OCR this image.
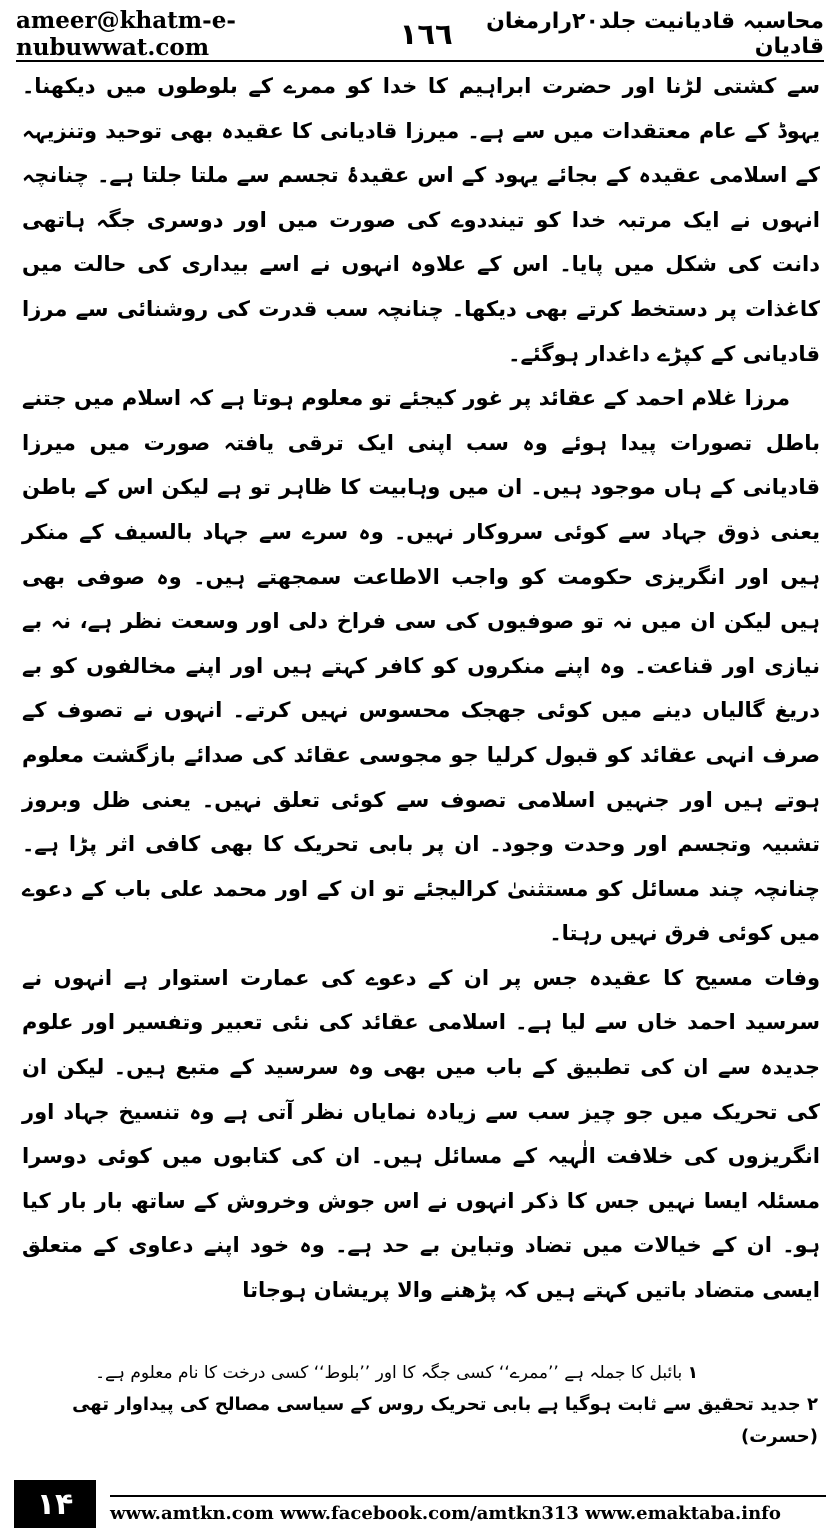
ameer@khatm-e-nubuwwat.com	١٦٦	محاسبہ قادیانیت جلد۲۰رارمغان قادیان

سے کشتی لڑنا اور حضرت ابراہیم کا خدا کو ممرے کے بلوطوں میں دیکھنا۔ یہوڈ کے عام معتقدات میں سے ہے۔ میرزا قادیانی کا عقیدہ بھی توحید وتنزیہہ کے اسلامی عقیدہ کے بجائے یہود کے اس عقیدۂ تجسم سے ملتا جلتا ہے۔ چنانچہ انہوں نے ایک مرتبہ خدا کو تینددوے کی صورت میں اور دوسری جگہ ہاتھی دانت کی شکل میں پایا۔ اس کے علاوہ انہوں نے اسے بیداری کی حالت میں کاغذات پر دستخط کرتے بھی دیکھا۔ چنانچہ سب قدرت کی روشنائی سے مرزا قادیانی کے کپڑے داغدار ہوگئے۔

مرزا غلام احمد کے عقائد پر غور کیجئے تو معلوم ہوتا ہے کہ اسلام میں جتنے باطل تصورات پیدا ہوئے وہ سب اپنی ایک ترقی یافتہ صورت میں میرزا قادیانی کے ہاں موجود ہیں۔ ان میں وہابیت کا ظاہر تو ہے لیکن اس کے باطن یعنی ذوق جہاد سے کوئی سروکار نہیں۔ وہ سرے سے جہاد بالسیف کے منکر ہیں اور انگریزی حکومت کو واجب الاطاعت سمجھتے ہیں۔ وہ صوفی بھی ہیں لیکن ان میں نہ تو صوفیوں کی سی فراخ دلی اور وسعت نظر ہے، نہ بے نیازی اور قناعت۔ وہ اپنے منکروں کو کافر کہتے ہیں اور اپنے مخالفوں کو بے دریغ گالیاں دینے میں کوئی جھجک محسوس نہیں کرتے۔ انہوں نے تصوف کے صرف انہی عقائد کو قبول کرلیا جو مجوسی عقائد کی صدائے بازگشت معلوم ہوتے ہیں اور جنہیں اسلامی تصوف سے کوئی تعلق نہیں۔ یعنی ظل وبروز تشبیہ وتجسم اور وحدت وجود۔ ان پر بابی تحریک کا بھی کافی اثر پڑا ہے۔ چنانچہ چند مسائل کو مستثنیٰ کرالیجئے تو ان کے اور محمد علی باب کے دعوے میں کوئی فرق نہیں رہتا۔

وفات مسیح کا عقیدہ جس پر ان کے دعوے کی عمارت استوار ہے انہوں نے سرسید احمد خاں سے لیا ہے۔ اسلامی عقائد کی نئی تعبیر وتفسیر اور علوم جدیدہ سے ان کی تطبیق کے باب میں بھی وہ سرسید کے متبع ہیں۔ لیکن ان کی تحریک میں جو چیز سب سے زیادہ نمایاں نظر آتی ہے وہ تنسیخ جہاد اور انگریزوں کی خلافت الٰہیہ کے مسائل ہیں۔ ان کی کتابوں میں کوئی دوسرا مسئلہ ایسا نہیں جس کا ذکر انہوں نے اس جوش وخروش کے ساتھ بار بار کیا ہو۔ ان کے خیالات میں تضاد وتباین بے حد ہے۔ وہ خود اپنے دعاوی کے متعلق ایسی متضاد باتیں کہتے ہیں کہ پڑھنے والا پریشان ہوجاتا

۱ بائبل کا جملہ ہے ’’ممرے‘‘ کسی جگہ کا اور ’’بلوط‘‘ کسی درخت کا نام معلوم ہے۔

۲ جدید تحقیق سے ثابت ہوگیا ہے بابی تحریک روس کے سیاسی مصالح کی پیداوار تھی (حسرت)

۱۴	www.amtkn.com www.facebook.com/amtkn313 www.emaktaba.info
